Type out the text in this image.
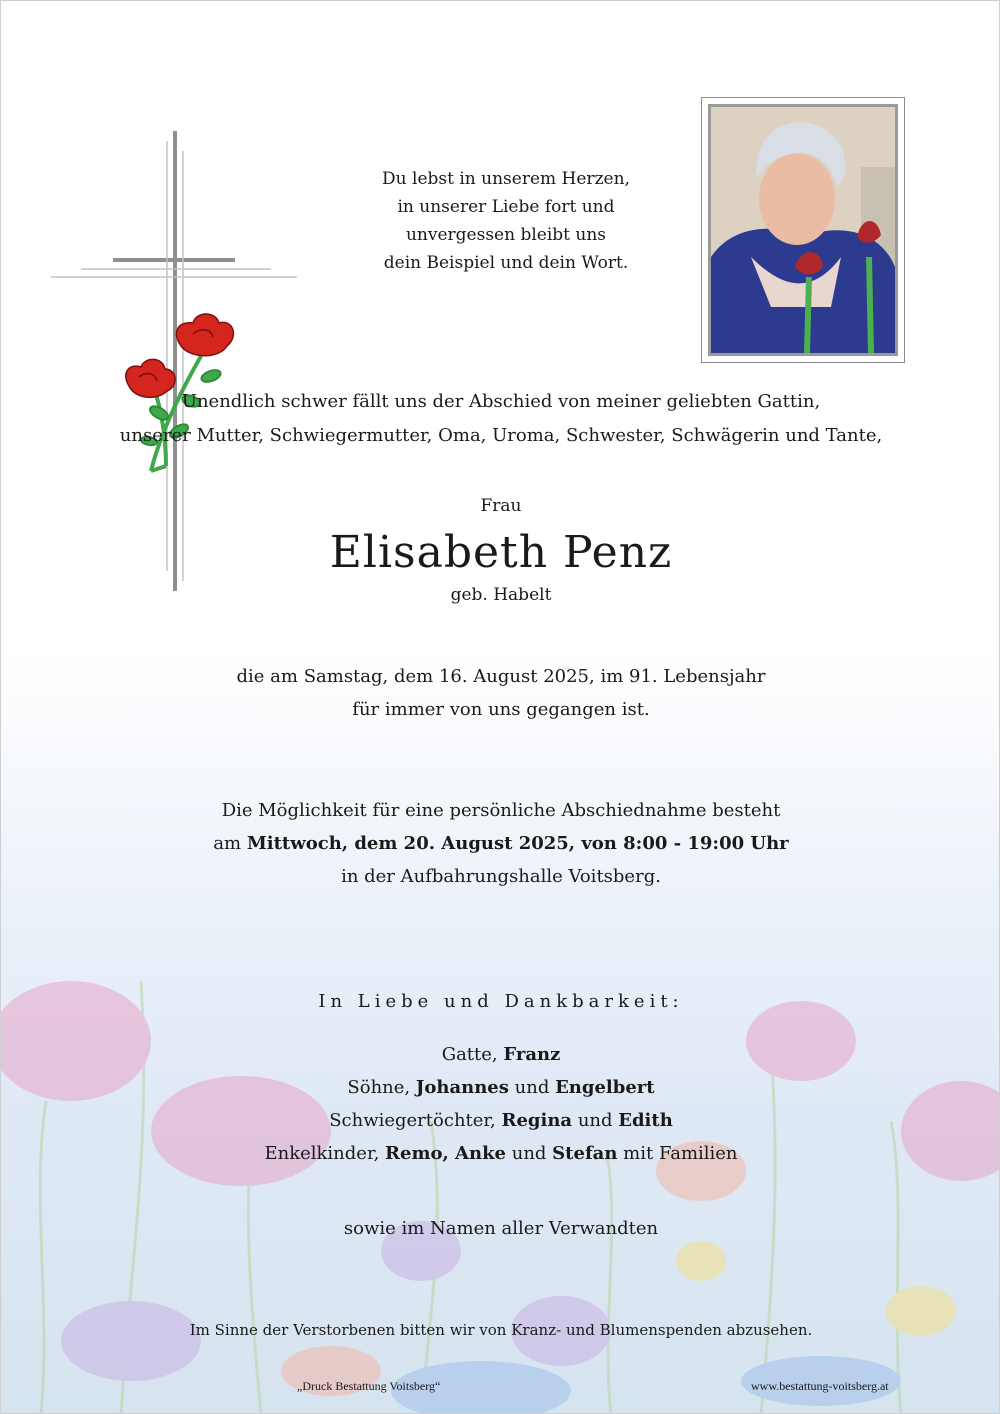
Du lebst in unserem Herzen,
in unserer Liebe fort und
unvergessen bleibt uns
dein Beispiel und dein Wort.
Unendlich schwer fällt uns der Abschied von meiner geliebten Gattin,
unserer Mutter, Schwiegermutter, Oma, Uroma, Schwester, Schwägerin und Tante,
Frau
Elisabeth Penz
geb. Habelt
die am Samstag, dem 16. August 2025, im 91. Lebensjahr
für immer von uns gegangen ist.
Die Möglichkeit für eine persönliche Abschiednahme besteht
am Mittwoch, dem 20. August 2025, von 8:00 - 19:00 Uhr
in der Aufbahrungshalle Voitsberg.
In Liebe und Dankbarkeit:
Gatte, Franz
Söhne, Johannes und Engelbert
Schwiegertöchter, Regina und Edith
Enkelkinder, Remo, Anke und Stefan mit Familien
sowie im Namen aller Verwandten
Im Sinne der Verstorbenen bitten wir von Kranz- und Blumenspenden abzusehen.
„Druck Bestattung Voitsberg“	www.bestattung-voitsberg.at
